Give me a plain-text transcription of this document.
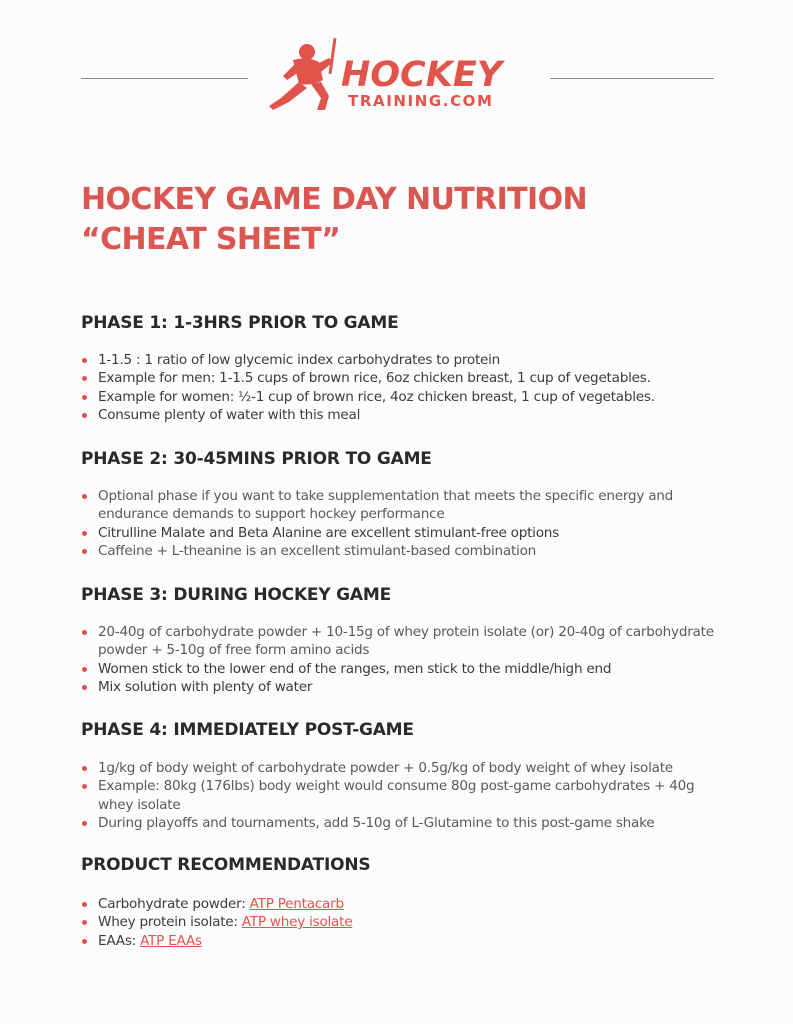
HOCKEY
TRAINING.COM
HOCKEY GAME DAY NUTRITION
“CHEAT SHEET”
PHASE 1: 1-3HRS PRIOR TO GAME
1-1.5 : 1 ratio of low glycemic index carbohydrates to protein
Example for men: 1-1.5 cups of brown rice, 6oz chicken breast, 1 cup of vegetables.
Example for women: ½-1 cup of brown rice, 4oz chicken breast, 1 cup of vegetables.
Consume plenty of water with this meal
PHASE 2: 30-45MINS PRIOR TO GAME
Optional phase if you want to take supplementation that meets the specific energy and endurance demands to support hockey performance
Citrulline Malate and Beta Alanine are excellent stimulant-free options
Caffeine + L-theanine is an excellent stimulant-based combination
PHASE 3: DURING HOCKEY GAME
20-40g of carbohydrate powder + 10-15g of whey protein isolate (or) 20-40g of carbohydrate powder + 5-10g of free form amino acids
Women stick to the lower end of the ranges, men stick to the middle/high end
Mix solution with plenty of water
PHASE 4: IMMEDIATELY POST-GAME
1g/kg of body weight of carbohydrate powder + 0.5g/kg of body weight of whey isolate
Example: 80kg (176lbs) body weight would consume 80g post-game carbohydrates + 40g whey isolate
During playoffs and tournaments, add 5-10g of L-Glutamine to this post-game shake
PRODUCT RECOMMENDATIONS
Carbohydrate powder: ATP Pentacarb
Whey protein isolate: ATP whey isolate
EAAs: ATP EAAs
